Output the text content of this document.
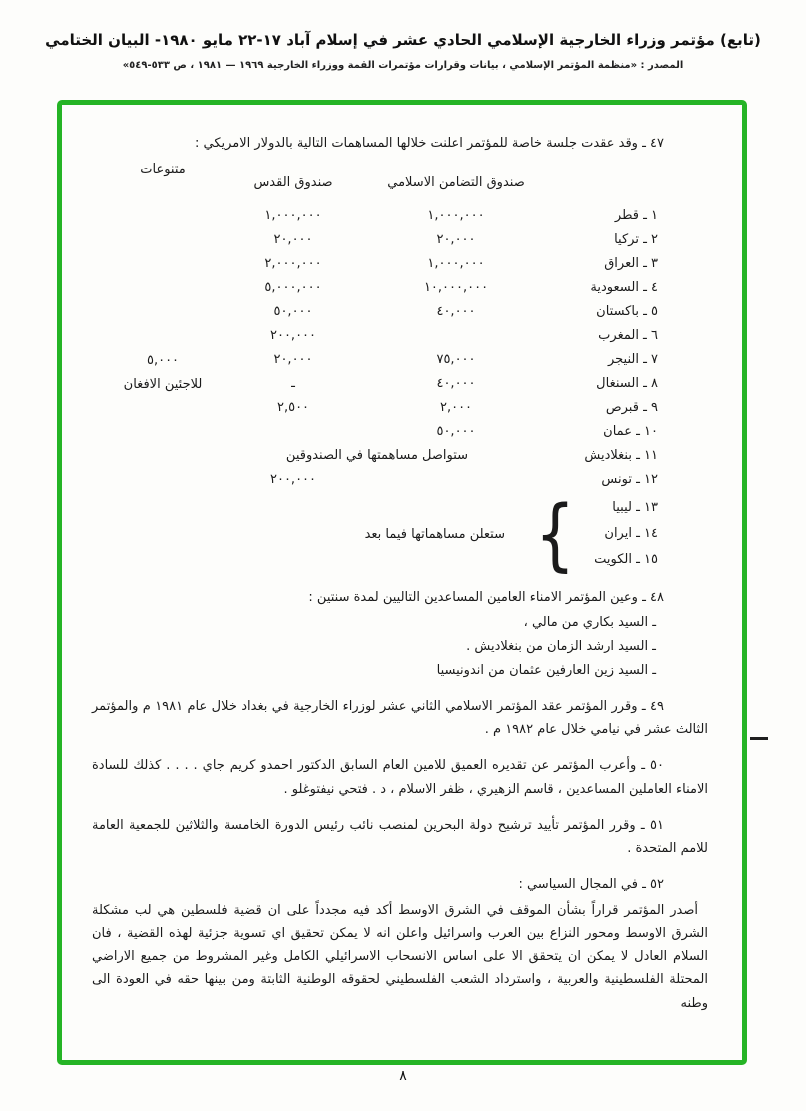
(تابع) مؤتمر وزراء الخارجية الإسلامي الحادي عشر في إسلام آباد ١٧-٢٢ مايو ١٩٨٠- البيان الختامي
المصدر : «منظمة المؤتمر الإسلامي ، بيانات وقرارات مؤتمرات القمة ووزراء الخارجية ١٩٦٩ — ١٩٨١ ، ص ٥٣٣-٥٤٩»

٤٧ ـ وقد عقدت جلسة خاصة للمؤتمر اعلنت خلالها المساهمات التالية بالدولار الامريكي :

صندوق التضامن الاسلامي
صندوق القدس
متنوعات
١ ـ قطر
١,٠٠٠,٠٠٠
١,٠٠٠,٠٠٠
٢ ـ تركيا
٢٠,٠٠٠
٢٠,٠٠٠
٣ ـ العراق
١,٠٠٠,٠٠٠
٢,٠٠٠,٠٠٠
٤ ـ السعودية
١٠,٠٠٠,٠٠٠
٥,٠٠٠,٠٠٠
٥ ـ باكستان
٤٠,٠٠٠
٥٠,٠٠٠
٦ ـ المغرب
٢٠٠,٠٠٠
٧ ـ النيجر
٧٥,٠٠٠
٢٠,٠٠٠
٥,٠٠٠
٨ ـ السنغال
٤٠,٠٠٠
ـ
للاجئين الافغان
٩ ـ قبرص
٢,٠٠٠
٢,٥٠٠
١٠ ـ عمان
٥٠,٠٠٠
١١ ـ بنغلاديش
ستواصل مساهمتها في الصندوقين
١٢ ـ تونس
٢٠٠,٠٠٠
١٣ ـ ليبيا
١٤ ـ ايران
١٥ ـ الكويت
{
ستعلن مساهماتها فيما بعد

٤٨ ـ وعين المؤتمر الامناء العامين المساعدين التاليين لمدة سنتين :

ـ السيد بكاري من مالي ،
ـ السيد ارشد الزمان من بنغلاديش .
ـ السيد زين العارفين عثمان من اندونيسيا

٤٩ ـ وقرر المؤتمر عقد المؤتمر الاسلامي الثاني عشر لوزراء الخارجية في بغداد خلال عام ١٩٨١ م والمؤتمر الثالث عشر في نيامي خلال عام ١٩٨٢ م .

٥٠ ـ وأعرب المؤتمر عن تقديره العميق للامين العام السابق الدكتور احمدو كريم جاي . . . . كذلك للسادة الامناء العاملين المساعدين ، قاسم الزهيري ، ظفر الاسلام ، د . فتحي نيفتوغلو .

٥١ ـ وقرر المؤتمر تأييد ترشيح دولة البحرين لمنصب نائب رئيس الدورة الخامسة والثلاثين للجمعية العامة للامم المتحدة .

٥٢ ـ في المجال السياسي :

أصدر المؤتمر قراراً بشأن الموقف في الشرق الاوسط أكد فيه مجدداً على ان قضية فلسطين هي لب مشكلة الشرق الاوسط ومحور النزاع بين العرب واسرائيل واعلن انه لا يمكن تحقيق اي تسوية جزئية لهذه القضية ، فان السلام العادل لا يمكن ان يتحقق الا على اساس الانسحاب الاسرائيلي الكامل وغير المشروط من جميع الاراضي المحتلة الفلسطينية والعربية ، واسترداد الشعب الفلسطيني لحقوقه الوطنية الثابتة ومن بينها حقه في العودة الى وطنه

٨
